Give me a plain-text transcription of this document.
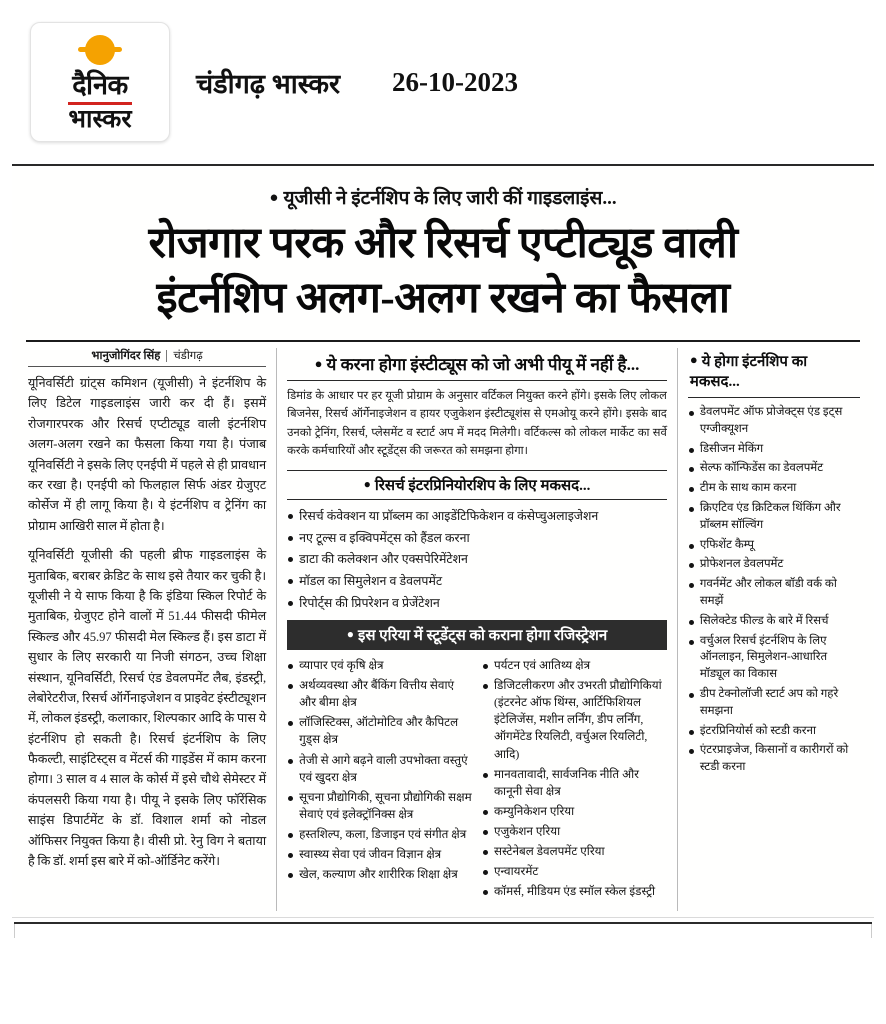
दैनिक
भास्कर
चंडीगढ़ भास्कर 26-10-2023
● यूजीसी ने इंटर्नशिप के लिए जारी कीं गाइडलाइंस...
रोजगार परक और रिसर्च एप्टीट्यूड वाली
इंटर्नशिप अलग-अलग रखने का फैसला
भानुजोगिंदर सिंह चंडीगढ़

यूनिवर्सिटी ग्रांट्स कमिशन (यूजीसी) ने इंटर्नशिप के लिए डिटेल गाइडलाइंस जारी कर दी हैं। इसमें रोजगारपरक और रिसर्च एप्टीट्यूड वाली इंटर्नशिप अलग-अलग रखने का फैसला किया गया है। पंजाब यूनिवर्सिटी ने इसके लिए एनईपी में पहले से ही प्रावधान कर रखा है। एनईपी को फिलहाल सिर्फ अंडर ग्रेजुएट कोर्सेज में ही लागू किया है। ये इंटर्नशिप व ट्रेनिंग का प्रोग्राम आखिरी साल में होता है।

यूनिवर्सिटी यूजीसी की पहली ब्रीफ गाइडलाइंस के मुताबिक, बराबर क्रेडिट के साथ इसे तैयार कर चुकी है। यूजीसी ने ये साफ किया है कि इंडिया स्किल रिपोर्ट के मुताबिक, ग्रेजुएट होने वालों में 51.44 फीसदी फीमेल स्किल्ड और 45.97 फीसदी मेल स्किल्ड हैं। इस डाटा में सुधार के लिए सरकारी या निजी संगठन, उच्च शिक्षा संस्थान, यूनिवर्सिटी, रिसर्च एंड डेवलपमेंट लैब, इंडस्ट्री, लेबोरेटरीज, रिसर्च ऑर्गेनाइजेशन व प्राइवेट इंस्टीट्यूशन में, लोकल इंडस्ट्री, कलाकार, शिल्पकार आदि के पास ये इंटर्नशिप हो सकती है। रिसर्च इंटर्नशिप के लिए फैकल्टी, साइंटिस्ट्स व मेंटर्स की गाइडेंस में काम करना होगा। 3 साल व 4 साल के कोर्स में इसे चौथे सेमेस्टर में कंपलसरी किया गया है। पीयू ने इसके लिए फॉरेंसिक साइंस डिपार्टमेंट के डॉ. विशाल शर्मा को नोडल ऑफिसर नियुक्त किया है। वीसी प्रो. रेनु विग ने बताया है कि डॉ. शर्मा इस बारे में को-ऑर्डिनेट करेंगे।

● ये करना होगा इंस्टीट्यूस को जो अभी पीयू में नहीं है...

डिमांड के आधार पर हर यूजी प्रोग्राम के अनुसार वर्टिकल नियुक्त करने होंगे। इसके लिए लोकल बिजनेस, रिसर्च ऑर्गेनाइजेशन व हायर एजुकेशन इंस्टीट्यूशंस से एमओयू करने होंगे। इसके बाद उनको ट्रेनिंग, रिसर्च, प्लेसमेंट व स्टार्ट अप में मदद मिलेगी। वर्टिकल्स को लोकल मार्केट का सर्वे करके कर्मचारियों और स्टूडेंट्स की जरूरत को समझना होगा।

● रिसर्च इंटरप्रिनियोरशिप के लिए मकसद...
रिसर्च कंवेक्शन या प्रॉब्लम का आइडेंटिफिकेशन व कंसेप्चुअलाइजेशन
नए टूल्स व इक्विपमेंट्स को हैंडल करना
डाटा की कलेक्शन और एक्सपेरिमेंटेशन
मॉडल का सिमुलेशन व डेवलपमेंट
रिपोर्ट्स की प्रिपरेशन व प्रेजेंटेशन
● इस एरिया में स्टूडेंट्स को कराना होगा रजिस्ट्रेशन
व्यापार एवं कृषि क्षेत्र
अर्थव्यवस्था और बैंकिंग वित्तीय सेवाएं और बीमा क्षेत्र
लॉजिस्टिक्स, ऑटोमोटिव और कैपिटल गुड्स क्षेत्र
तेजी से आगे बढ़ने वाली उपभोक्ता वस्तुएं एवं खुदरा क्षेत्र
सूचना प्रौद्योगिकी, सूचना प्रौद्योगिकी सक्षम सेवाएं एवं इलेक्ट्रॉनिक्स क्षेत्र
हस्तशिल्प, कला, डिजाइन एवं संगीत क्षेत्र
स्वास्थ्य सेवा एवं जीवन विज्ञान क्षेत्र
खेल, कल्याण और शारीरिक शिक्षा क्षेत्र
पर्यटन एवं आतिथ्य क्षेत्र
डिजिटलीकरण और उभरती प्रौद्योगिकियां (इंटरनेट ऑफ थिंग्स, आर्टिफिशियल इंटेलिजेंस, मशीन लर्निंग, डीप लर्निंग, ऑगमेंटेड रियलिटी, वर्चुअल रियलिटी, आदि)
मानवतावादी, सार्वजनिक नीति और कानूनी सेवा क्षेत्र
कम्युनिकेशन एरिया
एजुकेशन एरिया
सस्टेनेबल डेवलपमेंट एरिया
एन्वायरमेंट
कॉमर्स, मीडियम एंड स्मॉल स्केल इंडस्ट्री
● ये होगा इंटर्नशिप का मकसद...
डेवलपमेंट ऑफ प्रोजेक्ट्स एंड इट्स एग्जीक्यूशन
डिसीजन मेकिंग
सेल्फ कॉन्फिडेंस का डेवलपमेंट
टीम के साथ काम करना
क्रिएटिव एंड क्रिटिकल थिंकिंग और प्रॉब्लम सॉल्विंग
एफिशेंट कैम्पू
प्रोफेशनल डेवलपमेंट
गवर्नमेंट और लोकल बॉडी वर्क को समझें
सिलेक्टेड फील्ड के बारे में रिसर्च
वर्चुअल रिसर्च इंटर्नशिप के लिए ऑनलाइन, सिमुलेशन-आधारित मॉड्यूल का विकास
डीप टेक्नोलॉजी स्टार्ट अप को गहरे समझना
इंटरप्रिनियोर्स को स्टडी करना
एंटरप्राइजेज, किसानों व कारीगरों को स्टडी करना
